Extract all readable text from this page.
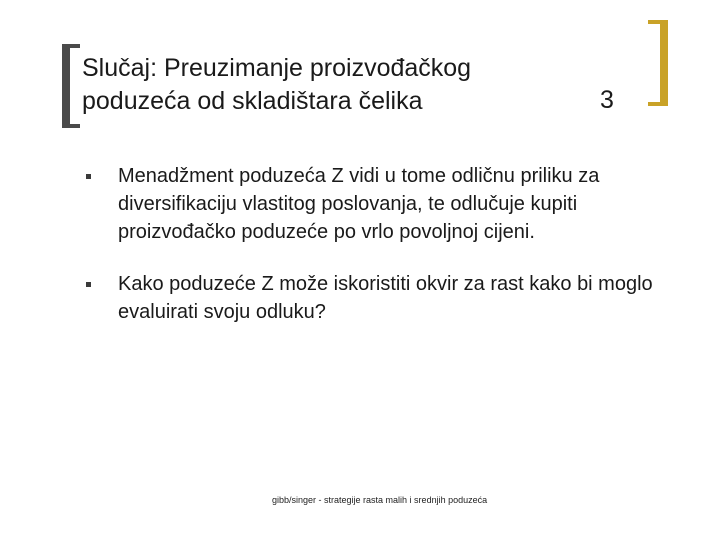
Slučaj: Preuzimanje proizvođačkog poduzeća od skladištara čelika	3
Menadžment poduzeća Z vidi u tome odličnu priliku za diversifikaciju vlastitog poslovanja, te odlučuje kupiti proizvođačko poduzeće po vrlo povoljnoj cijeni.
Kako poduzeće Z može iskoristiti okvir za rast kako bi moglo evaluirati svoju odluku?
gibb/singer - strategije rasta malih i srednjih poduzeća
